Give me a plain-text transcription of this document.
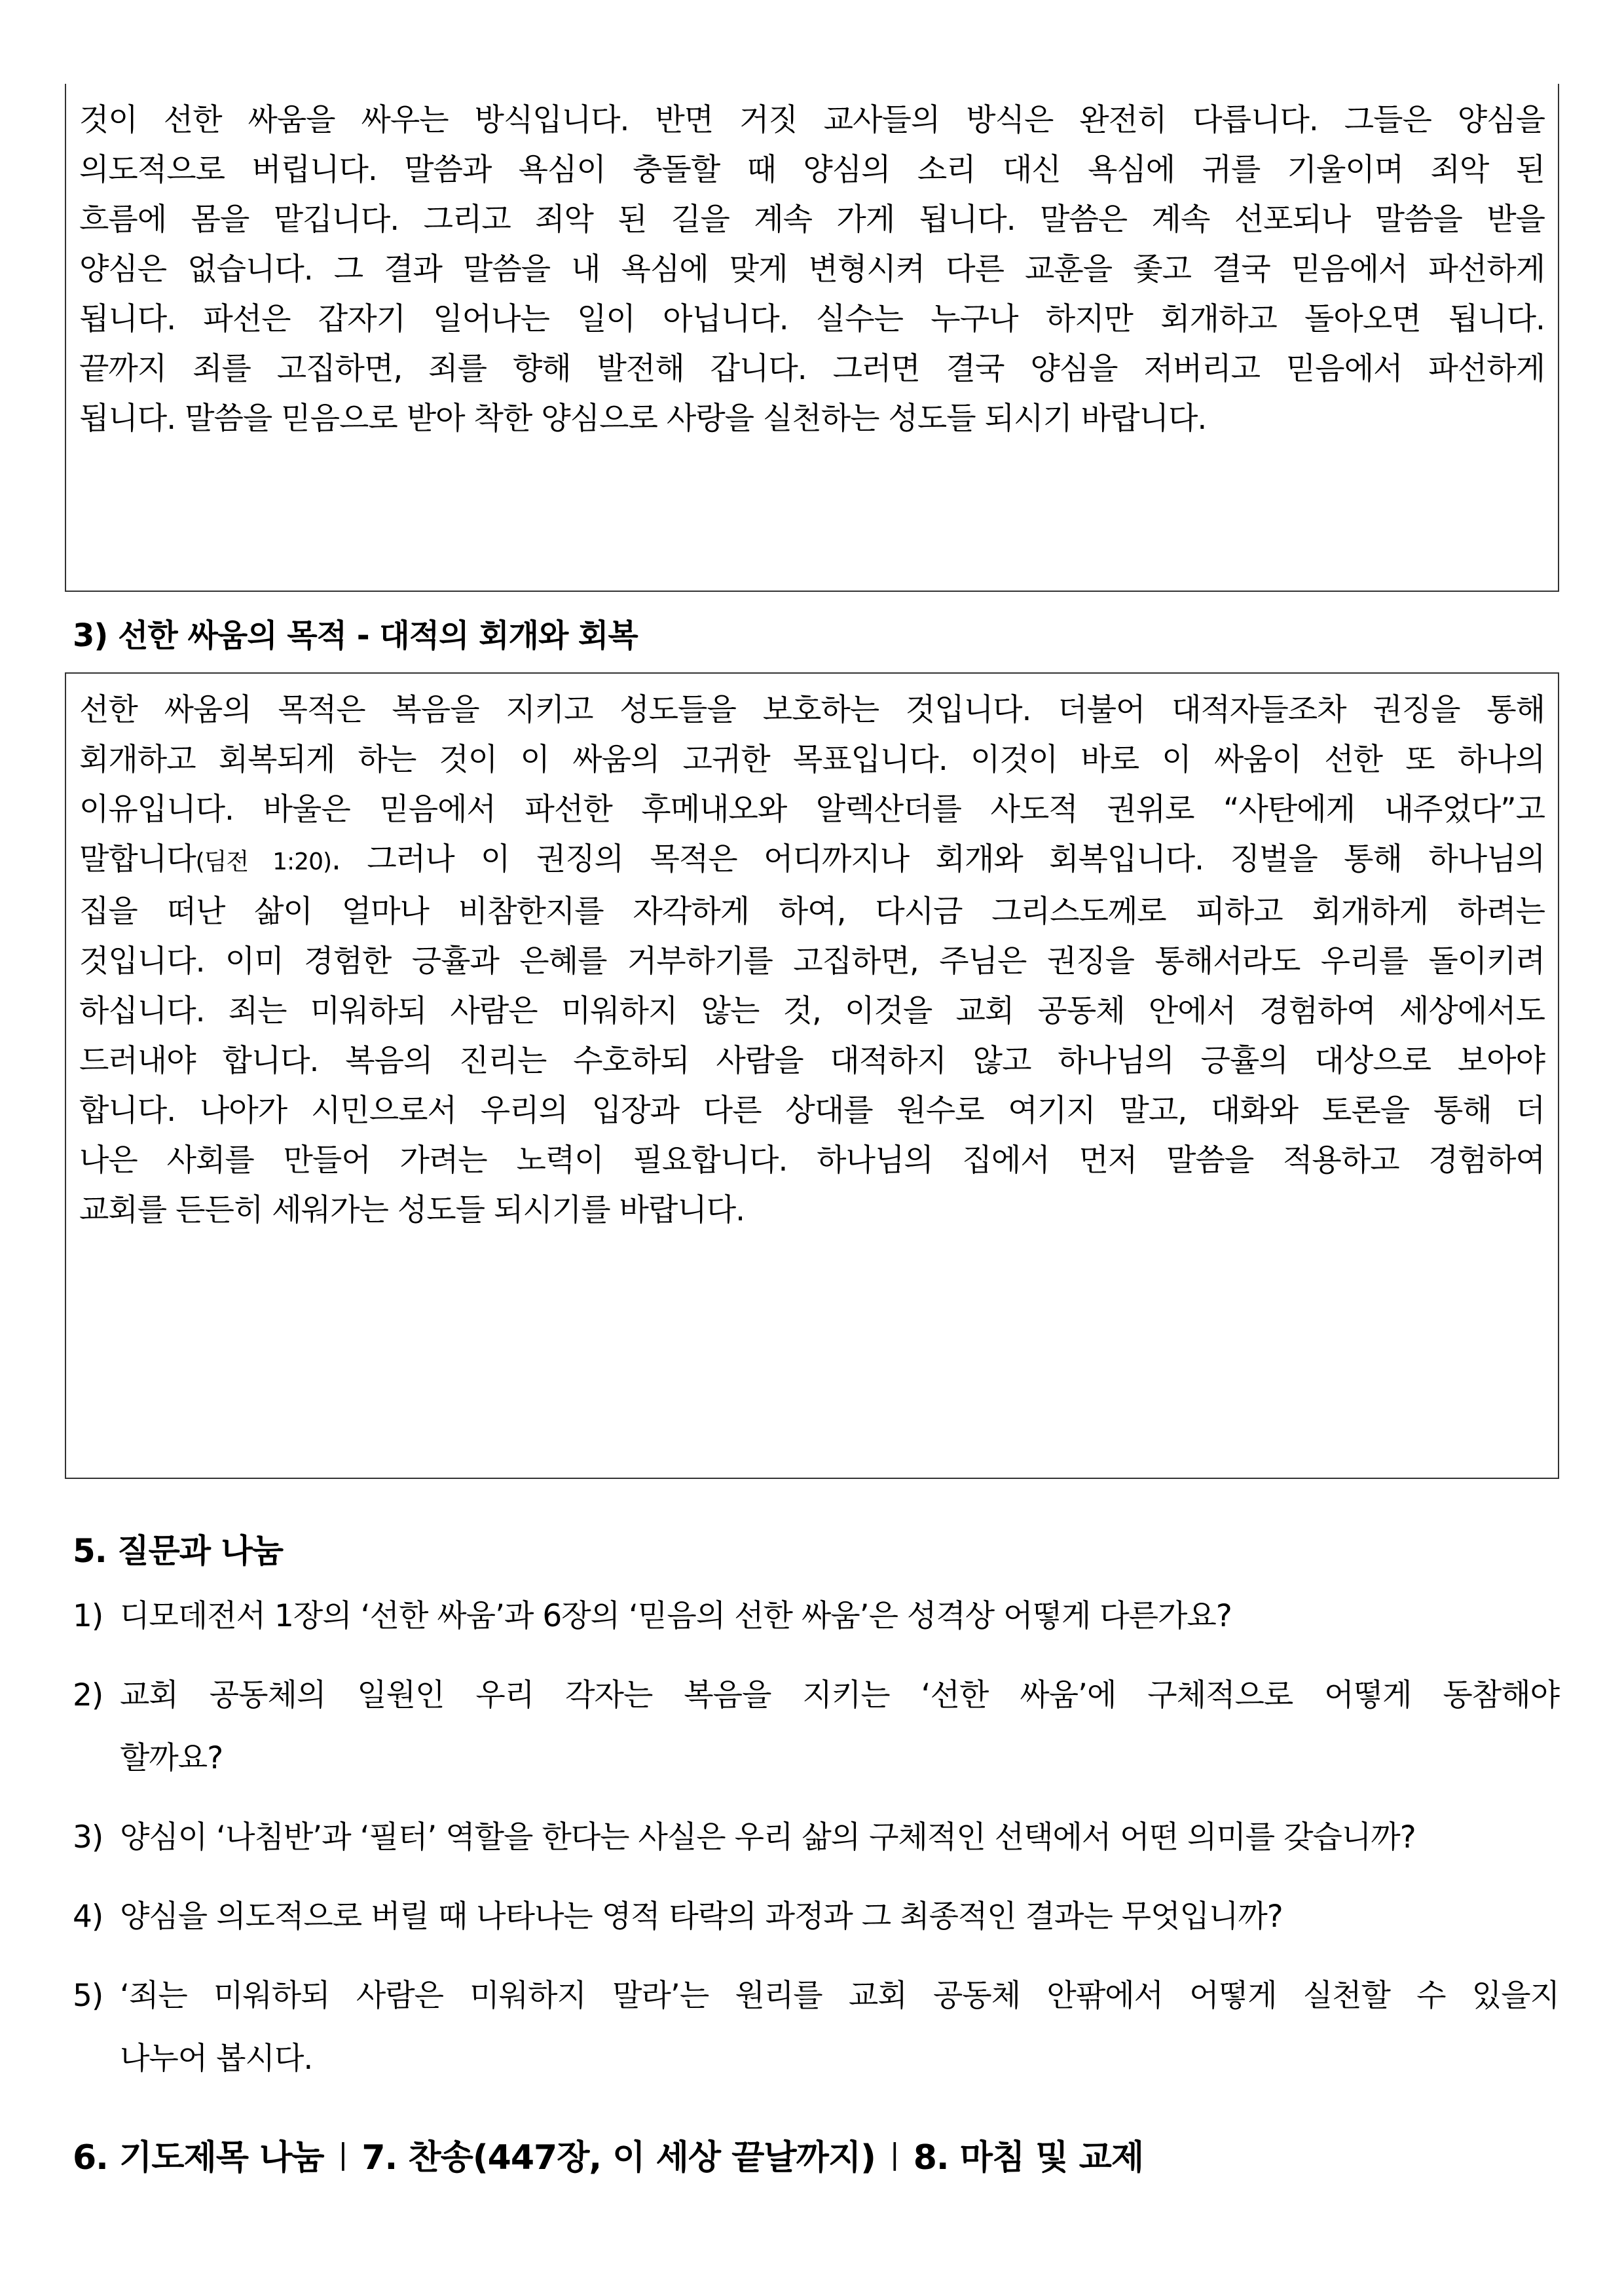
것이 선한 싸움을 싸우는 방식입니다. 반면 거짓 교사들의 방식은 완전히 다릅니다. 그들은 양심을
의도적으로 버립니다. 말씀과 욕심이 충돌할 때 양심의 소리 대신 욕심에 귀를 기울이며 죄악 된
흐름에 몸을 맡깁니다. 그리고 죄악 된 길을 계속 가게 됩니다. 말씀은 계속 선포되나 말씀을 받을
양심은 없습니다. 그 결과 말씀을 내 욕심에 맞게 변형시켜 다른 교훈을 좇고 결국 믿음에서 파선하게
됩니다. 파선은 갑자기 일어나는 일이 아닙니다. 실수는 누구나 하지만 회개하고 돌아오면 됩니다.
끝까지 죄를 고집하면, 죄를 향해 발전해 갑니다. 그러면 결국 양심을 저버리고 믿음에서 파선하게
됩니다. 말씀을 믿음으로 받아 착한 양심으로 사랑을 실천하는 성도들 되시기 바랍니다.

3) 선한 싸움의 목적 - 대적의 회개와 회복

선한 싸움의 목적은 복음을 지키고 성도들을 보호하는 것입니다. 더불어 대적자들조차 권징을 통해
회개하고 회복되게 하는 것이 이 싸움의 고귀한 목표입니다. 이것이 바로 이 싸움이 선한 또 하나의
이유입니다. 바울은 믿음에서 파선한 후메내오와 알렉산더를 사도적 권위로 “사탄에게 내주었다”고
말합니다(딤전 1:20). 그러나 이 권징의 목적은 어디까지나 회개와 회복입니다. 징벌을 통해 하나님의
집을 떠난 삶이 얼마나 비참한지를 자각하게 하여, 다시금 그리스도께로 피하고 회개하게 하려는
것입니다. 이미 경험한 긍휼과 은혜를 거부하기를 고집하면, 주님은 권징을 통해서라도 우리를 돌이키려
하십니다. 죄는 미워하되 사람은 미워하지 않는 것, 이것을 교회 공동체 안에서 경험하여 세상에서도
드러내야 합니다. 복음의 진리는 수호하되 사람을 대적하지 않고 하나님의 긍휼의 대상으로 보아야
합니다. 나아가 시민으로서 우리의 입장과 다른 상대를 원수로 여기지 말고, 대화와 토론을 통해 더
나은 사회를 만들어 가려는 노력이 필요합니다. 하나님의 집에서 먼저 말씀을 적용하고 경험하여
교회를 든든히 세워가는 성도들 되시기를 바랍니다.

5. 질문과 나눔
1) 디모데전서 1장의 ‘선한 싸움’과 6장의 ‘믿음의 선한 싸움’은 성격상 어떻게 다른가요?
2) 교회 공동체의 일원인 우리 각자는 복음을 지키는 ‘선한 싸움’에 구체적으로 어떻게 동참해야
할까요?
3) 양심이 ‘나침반’과 ‘필터’ 역할을 한다는 사실은 우리 삶의 구체적인 선택에서 어떤 의미를 갖습니까?
4) 양심을 의도적으로 버릴 때 나타나는 영적 타락의 과정과 그 최종적인 결과는 무엇입니까?
5) ‘죄는 미워하되 사람은 미워하지 말라’는 원리를 교회 공동체 안팎에서 어떻게 실천할 수 있을지
나누어 봅시다.
6. 기도제목 나눔 | 7. 찬송(447장, 이 세상 끝날까지) | 8. 마침 및 교제
